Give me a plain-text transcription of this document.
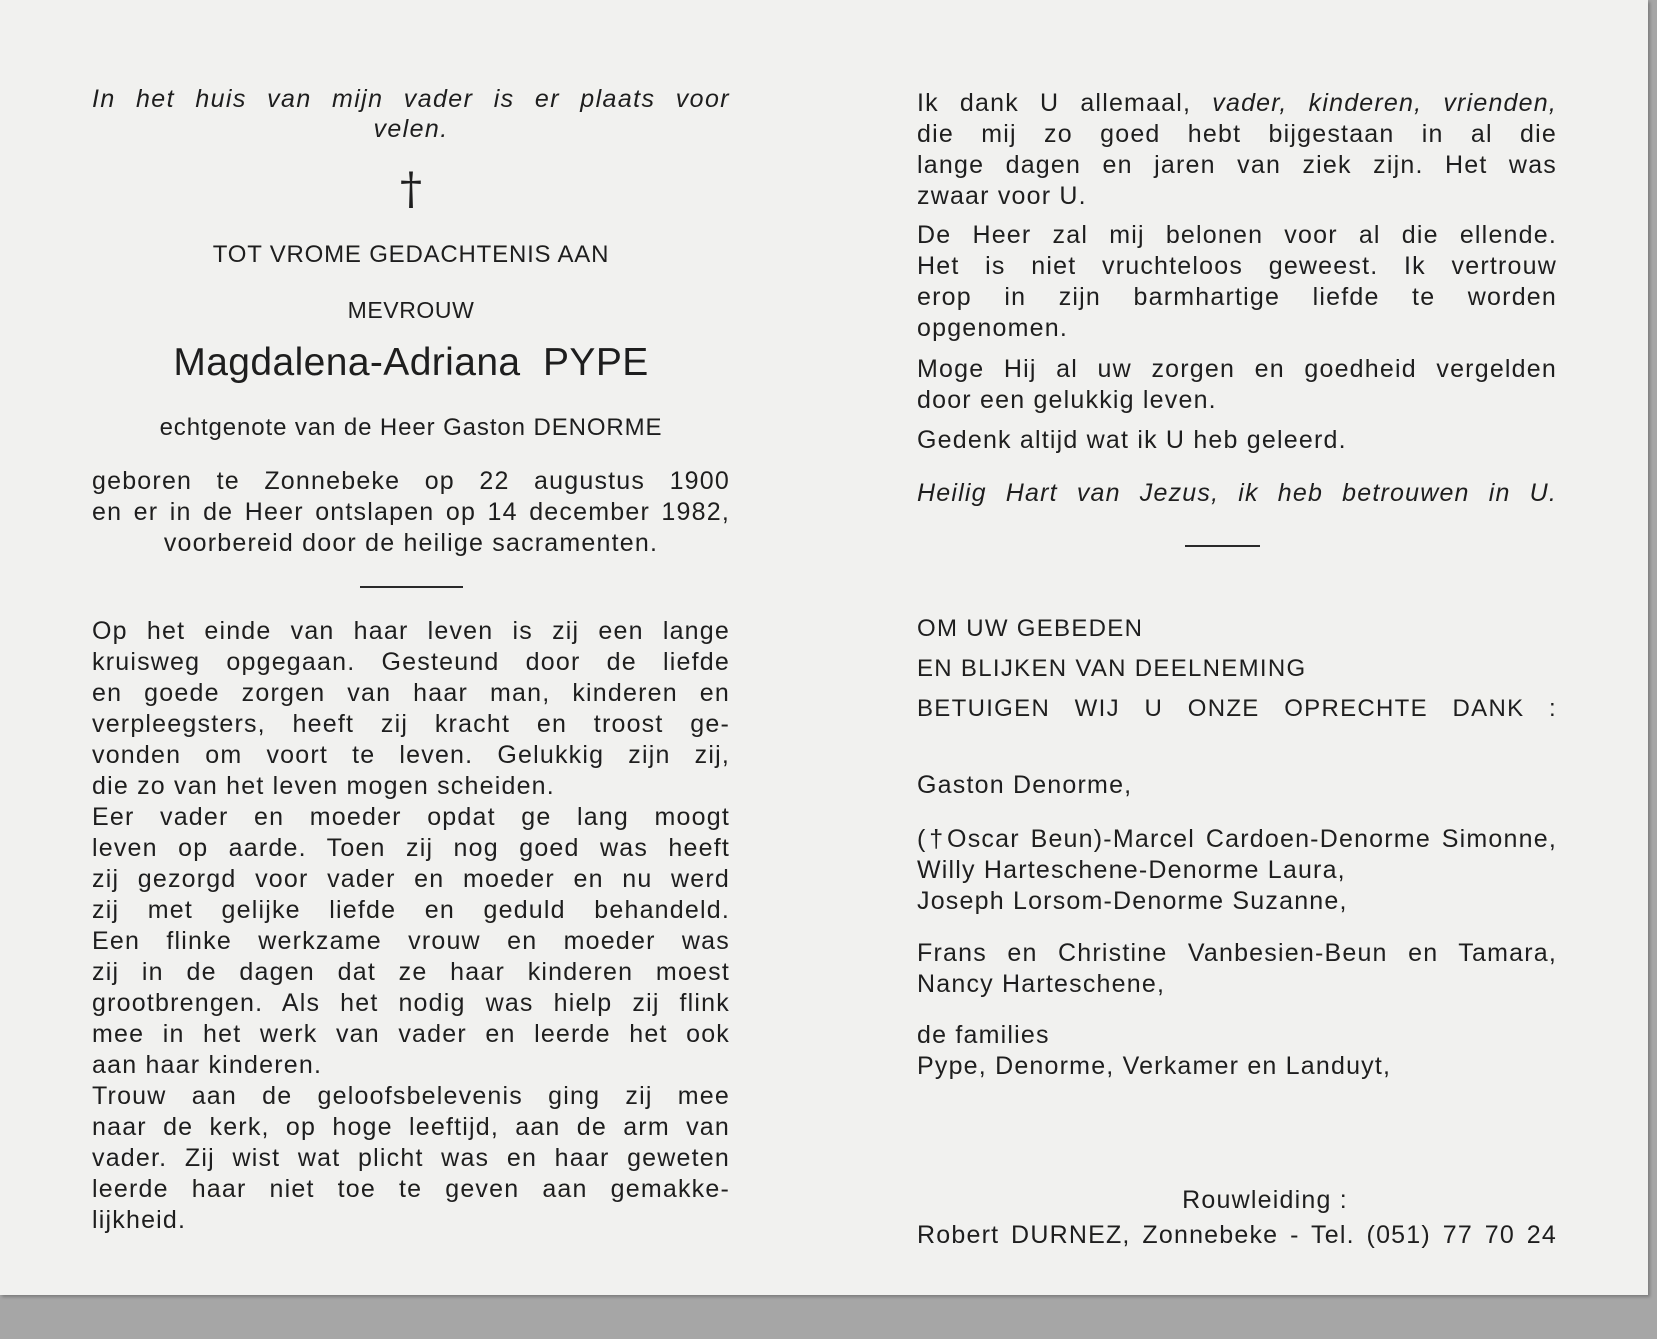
In het huis van mijn vader is er plaats voor

velen.

†

TOT VROME GEDACHTENIS AAN

MEVROUW

Magdalena-Adriana  PYPE

echtgenote van de Heer Gaston DENORME

geboren te Zonnebeke op 22 augustus 1900
en er in de Heer ontslapen op 14 december 1982,
voorbereid door de heilige sacramenten.
Op het einde van haar leven is zij een lange
kruisweg opgegaan. Gesteund door de liefde
en goede zorgen van haar man, kinderen en
verpleegsters, heeft zij kracht en troost ge-
vonden om voort te leven. Gelukkig zijn zij,
die zo van het leven mogen scheiden.
Eer vader en moeder opdat ge lang moogt
leven op aarde. Toen zij nog goed was heeft
zij gezorgd voor vader en moeder en nu werd
zij met gelijke liefde en geduld behandeld.
Een flinke werkzame vrouw en moeder was
zij in de dagen dat ze haar kinderen moest
grootbrengen. Als het nodig was hielp zij flink
mee in het werk van vader en leerde het ook
aan haar kinderen.
Trouw aan de geloofsbelevenis ging zij mee
naar de kerk, op hoge leeftijd, aan de arm van
vader. Zij wist wat plicht was en haar geweten
leerde haar niet toe te geven aan gemakke-
lijkheid.
Ik dank U allemaal, vader, kinderen, vrienden,
die mij zo goed hebt bijgestaan in al die
lange dagen en jaren van ziek zijn. Het was
zwaar voor U.
De Heer zal mij belonen voor al die ellende.
Het is niet vruchteloos geweest. Ik vertrouw
erop in zijn barmhartige liefde te worden
opgenomen.
Moge Hij al uw zorgen en goedheid vergelden
door een gelukkig leven.

Gedenk altijd wat ik U heb geleerd.

Heilig Hart van Jezus, ik heb betrouwen in U.

OM UW GEBEDEN
EN BLIJKEN VAN DEELNEMING
BETUIGEN WIJ U ONZE OPRECHTE DANK :

Gaston Denorme,

(†Oscar Beun)-Marcel Cardoen-Denorme Simonne,
Willy Harteschene-Denorme Laura,
Joseph Lorsom-Denorme Suzanne,
Frans en Christine Vanbesien-Beun en Tamara,
Nancy Harteschene,
de families
Pype, Denorme, Verkamer en Landuyt,

Rouwleiding :

Robert DURNEZ, Zonnebeke - Tel. (051) 77 70 24
